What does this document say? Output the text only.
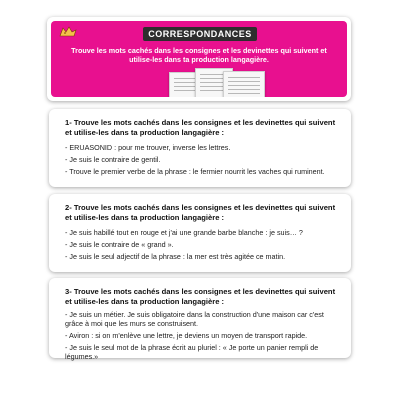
CORRESPONDANCES
Trouve les mots cachés dans les consignes et les devinettes qui suivent et utilise-les dans ta production langagière.
1- Trouve les mots cachés dans les consignes et les devinettes qui suivent et utilise-les dans ta production langagière :
- ERUASONID : pour me trouver, inverse les lettres.
- Je suis le contraire de gentil.
- Trouve le premier verbe de la phrase : le fermier nourrit les vaches qui ruminent.
2- Trouve les mots cachés dans les consignes et les devinettes qui suivent et utilise-les dans ta production langagière :
- Je suis habillé tout en rouge et j'ai une grande barbe blanche : je suis… ?
- Je suis le contraire de « grand ».
- Je suis le seul adjectif de la phrase : la mer est très agitée ce matin.
3- Trouve les mots cachés dans les consignes et les devinettes qui suivent et utilise-les dans ta production langagière :
- Je suis un métier. Je suis obligatoire dans la construction d'une maison car c'est grâce à moi que les murs se construisent.
- Aviron : si on m'enlève une lettre, je deviens un moyen de transport rapide.
- Je suis le seul mot de la phrase écrit au pluriel : « Je porte un panier rempli de légumes.»
